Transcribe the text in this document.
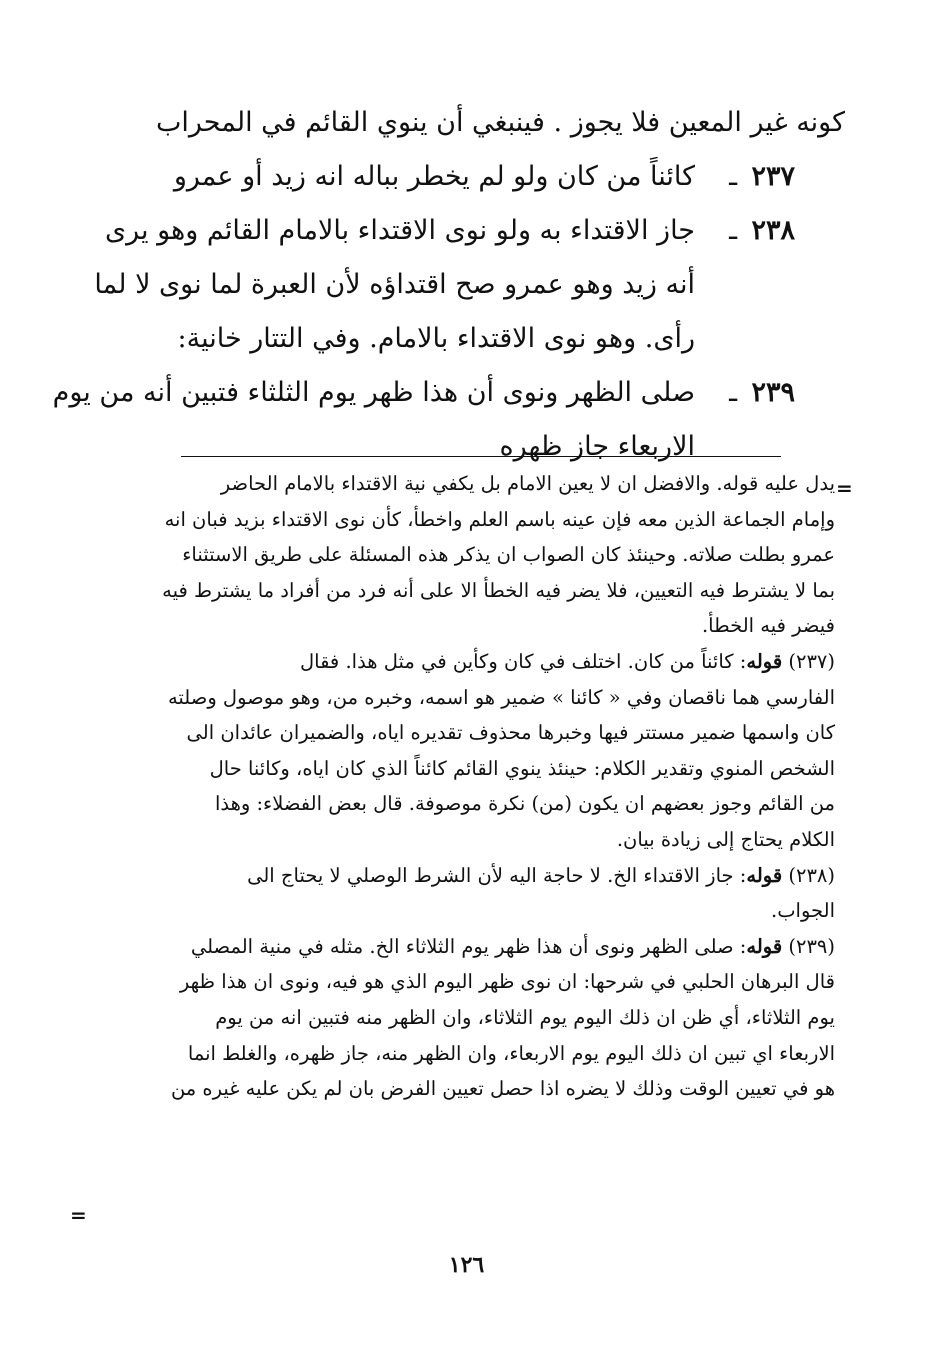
كونه غير المعين فلا يجوز . فينبغي أن ينوي القائم في المحراب
٢٣٧
ـ
كائناً من كان ولو لم يخطر بباله انه زيد أو عمرو
٢٣٨
ـ
جاز الاقتداء به ولو نوى الاقتداء بالامام القائم وهو يرى
أنه زيد وهو عمرو صح اقتداؤه لأن العبرة لما نوى لا لما
رأى. وهو نوى الاقتداء بالامام. وفي التتار خانية:
٢٣٩
ـ
صلى الظهر ونوى أن هذا ظهر يوم الثلثاء فتبين أنه من يوم
الاربعاء جاز ظهره
=
يدل عليه قوله. والافضل ان لا يعين الامام بل يكفي نية الاقتداء بالامام الحاضر
وإمام الجماعة الذين معه فإن عينه باسم العلم واخطأ، كأن نوى الاقتداء بزيد فبان انه
عمرو بطلت صلاته. وحينئذ كان الصواب ان يذكر هذه المسئلة على طريق الاستثناء
بما لا يشترط فيه التعيين، فلا يضر فيه الخطأ الا على أنه فرد من أفراد ما يشترط فيه
فيضر فيه الخطأ.
(٢٣٧) قوله: كائناً من كان. اختلف في كان وكأين في مثل هذا. فقال
الفارسي هما ناقصان وفي « كائنا » ضمير هو اسمه، وخبره من، وهو موصول وصلته
كان واسمها ضمير مستتر فيها وخبرها محذوف تقديره اياه، والضميران عائدان الى
الشخص المنوي وتقدير الكلام: حينئذ ينوي القائم كائناً الذي كان اياه، وكائنا حال
من القائم وجوز بعضهم ان يكون (من) نكرة موصوفة. قال بعض الفضلاء: وهذا
الكلام يحتاج إلى زيادة بيان.
(٢٣٨) قوله: جاز الاقتداء الخ. لا حاجة اليه لأن الشرط الوصلي لا يحتاج الى
الجواب.
(٢٣٩) قوله: صلى الظهر ونوى أن هذا ظهر يوم الثلاثاء الخ. مثله في منية المصلي
قال البرهان الحلبي في شرحها: ان نوى ظهر اليوم الذي هو فيه، ونوى ان هذا ظهر
يوم الثلاثاء، أي ظن ان ذلك اليوم يوم الثلاثاء، وان الظهر منه فتبين انه من يوم
الاربعاء اي تبين ان ذلك اليوم يوم الاربعاء، وان الظهر منه، جاز ظهره، والغلط انما
هو في تعيين الوقت وذلك لا يضره اذا حصل تعيين الفرض بان لم يكن عليه غيره من
=
١٢٦
